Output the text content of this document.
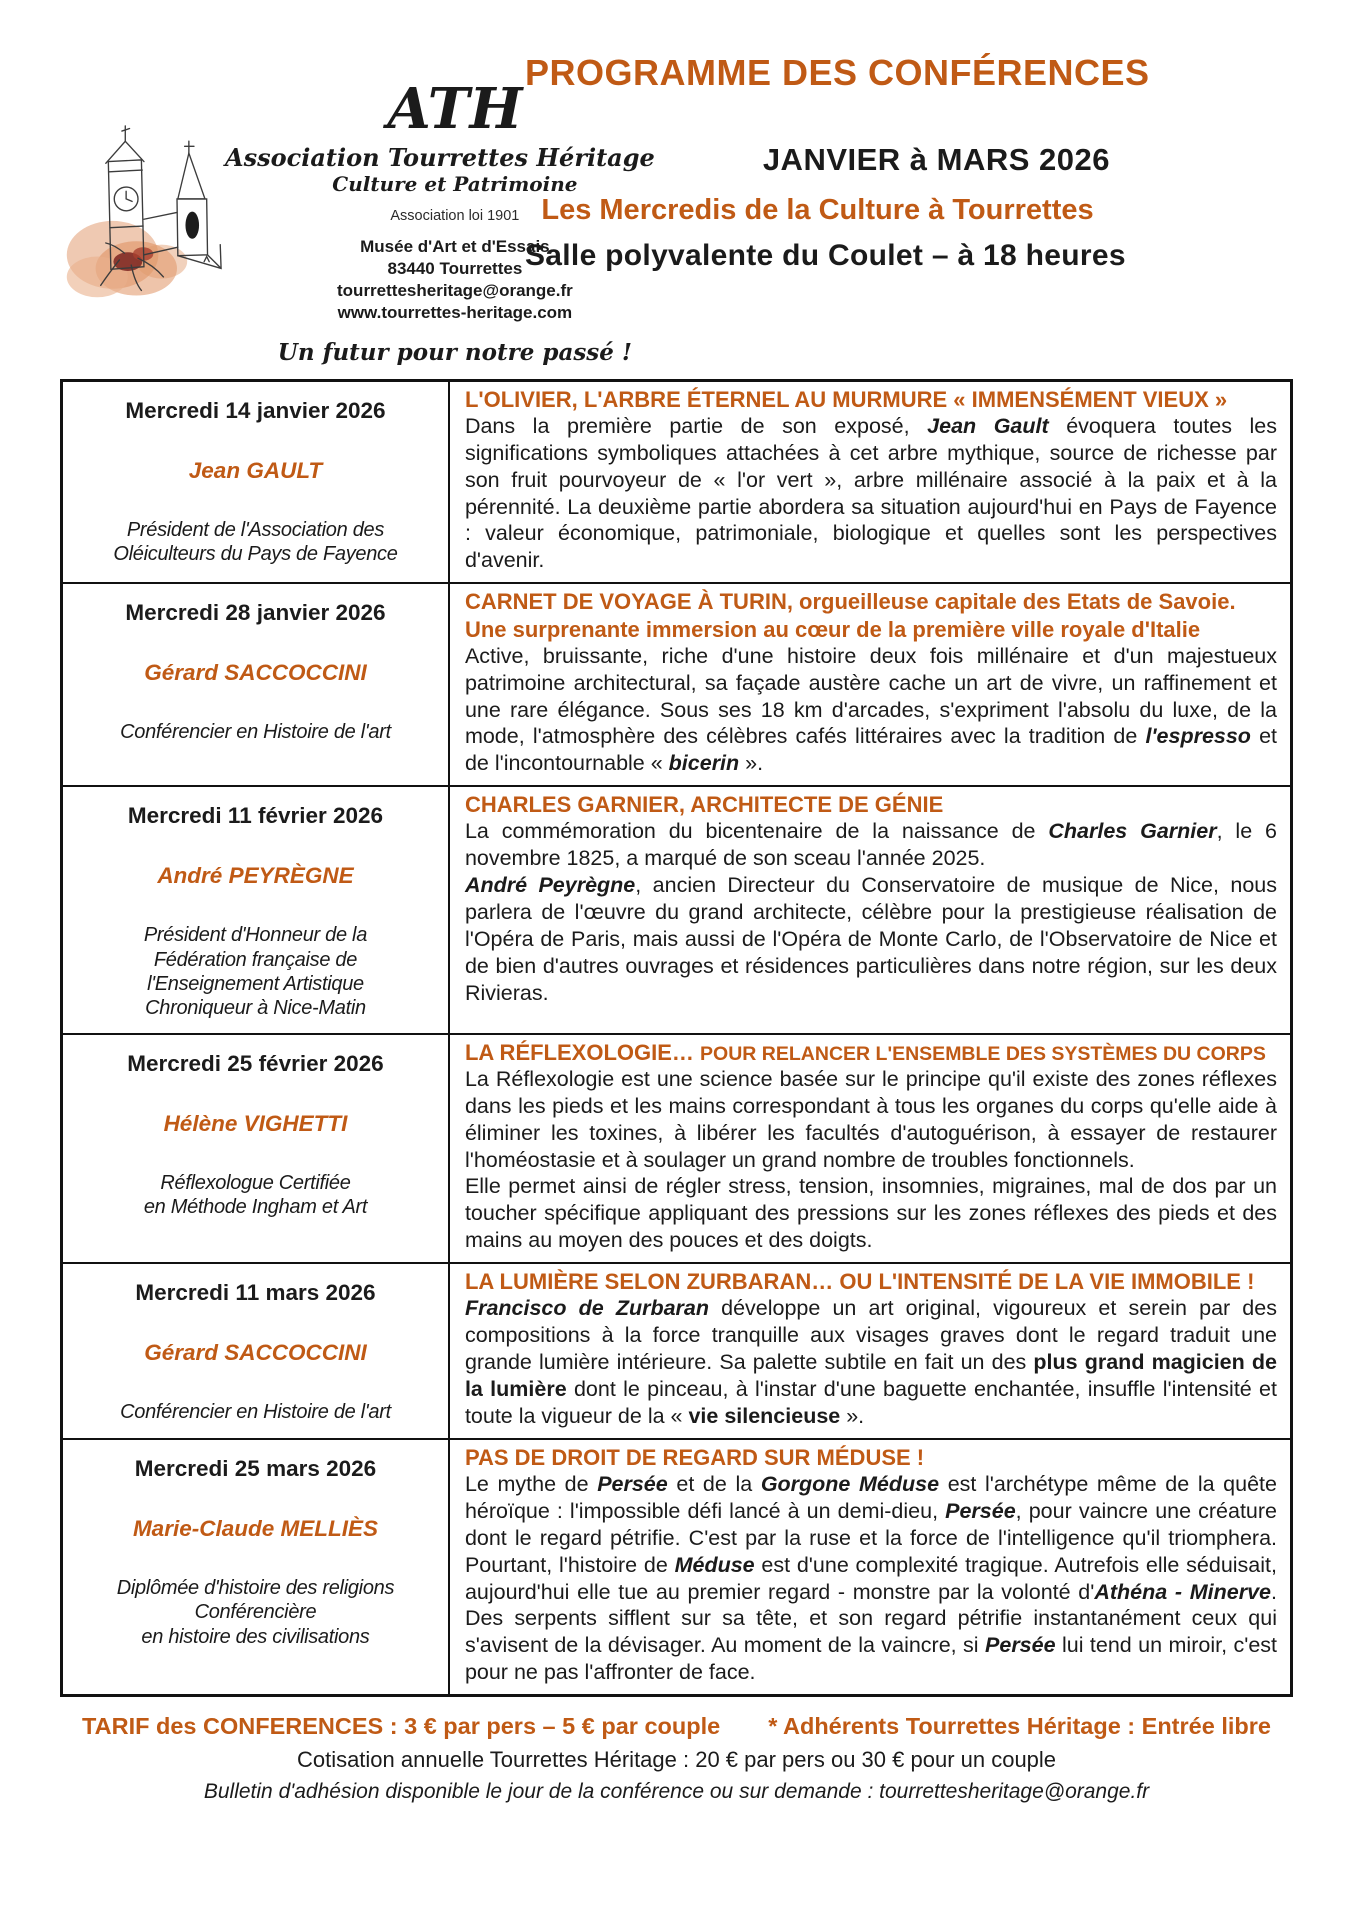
ATH
Association Tourrettes Héritage
Culture et Patrimoine
Association loi 1901
Musée d'Art et d'Essais
83440 Tourrettes
tourrettesheritage@orange.fr
www.tourrettes-heritage.com
Un futur pour notre passé !
PROGRAMME DES CONFÉRENCES
JANVIER à MARS 2026
Les Mercredis de la Culture à Tourrettes
Salle polyvalente du Coulet – à 18 heures
Mercredi 14 janvier 2026
Jean GAULT
Président de l'Association des
Oléiculteurs du Pays de Fayence

L'OLIVIER, L'ARBRE ÉTERNEL AU MURMURE « IMMENSÉMENT VIEUX »
Dans la première partie de son exposé, Jean Gault évoquera toutes les significations symboliques attachées à cet arbre mythique, source de richesse par son fruit pourvoyeur de « l'or vert », arbre millénaire associé à la paix et à la pérennité. La deuxième partie abordera sa situation aujourd'hui en Pays de Fayence : valeur économique, patrimoniale, biologique et quelles sont les perspectives d'avenir.

Mercredi 28 janvier 2026
Gérard SACCOCCINI
Conférencier en Histoire de l'art

CARNET DE VOYAGE À TURIN, orgueilleuse capitale des Etats de Savoie. Une surprenante immersion au cœur de la première ville royale d'Italie
Active, bruissante, riche d'une histoire deux fois millénaire et d'un majestueux patrimoine architectural, sa façade austère cache un art de vivre, un raffinement et une rare élégance. Sous ses 18 km d'arcades, s'expriment l'absolu du luxe, de la mode, l'atmosphère des célèbres cafés littéraires avec la tradition de l'espresso et de l'incontournable « bicerin ».

Mercredi 11 février 2026
André PEYRÈGNE
Président d'Honneur de la
Fédération française de
l'Enseignement Artistique
Chroniqueur à Nice-Matin

CHARLES GARNIER, ARCHITECTE DE GÉNIE
La commémoration du bicentenaire de la naissance de Charles Garnier, le 6 novembre 1825, a marqué de son sceau l'année 2025.
André Peyrègne, ancien Directeur du Conservatoire de musique de Nice, nous parlera de l'œuvre du grand architecte, célèbre pour la prestigieuse réalisation de l'Opéra de Paris, mais aussi de l'Opéra de Monte Carlo, de l'Observatoire de Nice et de bien d'autres ouvrages et résidences particulières dans notre région, sur les deux Rivieras.

Mercredi 25 février 2026
Hélène VIGHETTI
Réflexologue Certifiée
en Méthode Ingham et Art

LA RÉFLEXOLOGIE… POUR RELANCER L'ENSEMBLE DES SYSTÈMES DU CORPS
La Réflexologie est une science basée sur le principe qu'il existe des zones réflexes dans les pieds et les mains correspondant à tous les organes du corps qu'elle aide à éliminer les toxines, à libérer les facultés d'autoguérison, à essayer de restaurer l'homéostasie et à soulager un grand nombre de troubles fonctionnels.
Elle permet ainsi de régler stress, tension, insomnies, migraines, mal de dos par un toucher spécifique appliquant des pressions sur les zones réflexes des pieds et des mains au moyen des pouces et des doigts.

Mercredi 11 mars 2026
Gérard SACCOCCINI
Conférencier en Histoire de l'art

LA LUMIÈRE SELON ZURBARAN… OU L'INTENSITÉ DE LA VIE IMMOBILE !
Francisco de Zurbaran développe un art original, vigoureux et serein par des compositions à la force tranquille aux visages graves dont le regard traduit une grande lumière intérieure. Sa palette subtile en fait un des plus grand magicien de la lumière dont le pinceau, à l'instar d'une baguette enchantée, insuffle l'intensité et toute la vigueur de la « vie silencieuse ».

Mercredi 25 mars 2026
Marie-Claude MELLIÈS
Diplômée d'histoire des religions
Conférencière
en histoire des civilisations

PAS DE DROIT DE REGARD SUR MÉDUSE !
Le mythe de Persée et de la Gorgone Méduse est l'archétype même de la quête héroïque : l'impossible défi lancé à un demi-dieu, Persée, pour vaincre une créature dont le regard pétrifie. C'est par la ruse et la force de l'intelligence qu'il triomphera. Pourtant, l'histoire de Méduse est d'une complexité tragique. Autrefois elle séduisait, aujourd'hui elle tue au premier regard - monstre par la volonté d'Athéna - Minerve. Des serpents sifflent sur sa tête, et son regard pétrifie instantanément ceux qui s'avisent de la dévisager. Au moment de la vaincre, si Persée lui tend un miroir, c'est pour ne pas l'affronter de face.
TARIF des CONFERENCES : 3 € par pers – 5 € par couple * Adhérents Tourrettes Héritage : Entrée libre
Cotisation annuelle Tourrettes Héritage : 20 € par pers ou 30 € pour un couple
Bulletin d'adhésion disponible le jour de la conférence ou sur demande : tourrettesheritage@orange.fr
